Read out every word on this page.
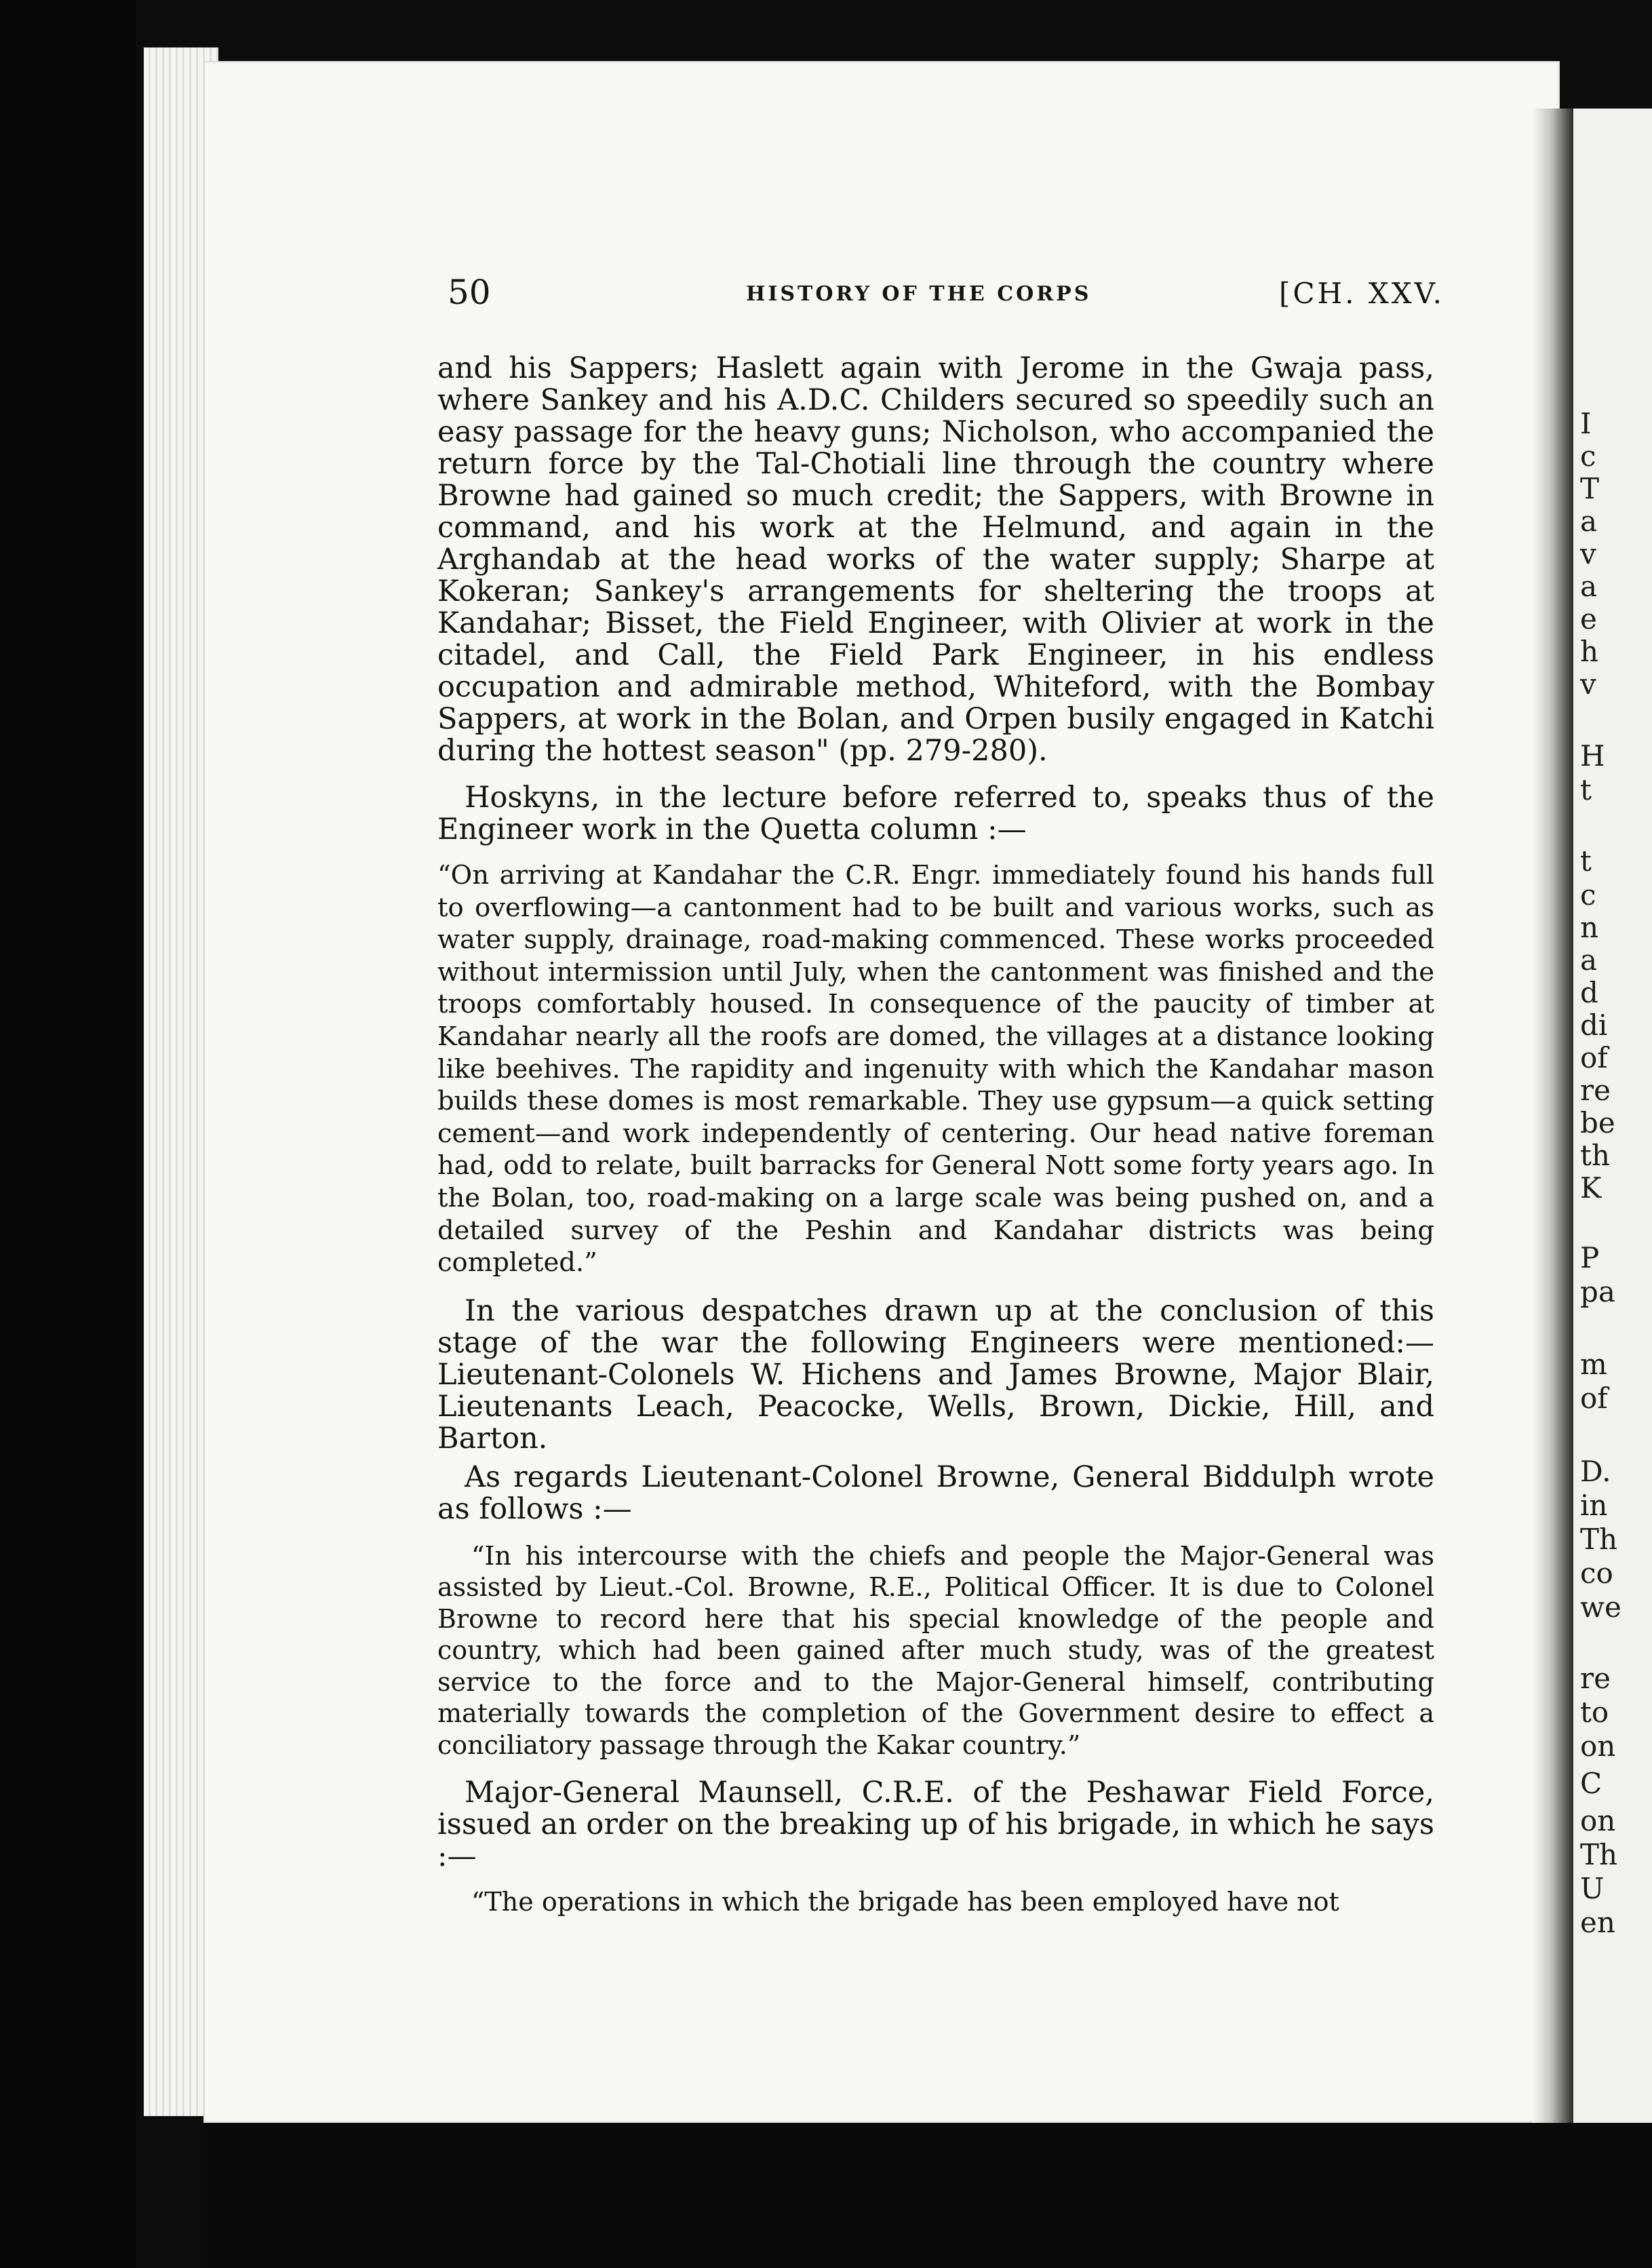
I
c
T
a
v
a
e
h
v
H
t
t
c
n
a
d
di
of
re
be
th
K
P
pa
m
of
D.
in
Th
co
we
re
to
on
C
on
Th
U
en
50	HISTORY OF THE CORPS	[CH. XXV.

and his Sappers; Haslett again with Jerome in the Gwaja pass, where Sankey and his A.D.C. Childers secured so speedily such an easy passage for the heavy guns; Nicholson, who accompanied the return force by the Tal-Chotiali line through the country where Browne had gained so much credit; the Sappers, with Browne in command, and his work at the Helmund, and again in the Arghandab at the head works of the water supply; Sharpe at Kokeran; Sankey's arrangements for sheltering the troops at Kandahar; Bisset, the Field Engineer, with Olivier at work in the citadel, and Call, the Field Park Engineer, in his endless occupation and admirable method, Whiteford, with the Bombay Sappers, at work in the Bolan, and Orpen busily engaged in Katchi during the hottest season" (pp. 279-280).

Hoskyns, in the lecture before referred to, speaks thus of the Engineer work in the Quetta column :—

“On arriving at Kandahar the C.R. Engr. immediately found his hands full to overflowing—a cantonment had to be built and various works, such as water supply, drainage, road-making commenced. These works proceeded without intermission until July, when the cantonment was finished and the troops comfortably housed. In consequence of the paucity of timber at Kandahar nearly all the roofs are domed, the villages at a distance looking like beehives. The rapidity and ingenuity with which the Kandahar mason builds these domes is most remarkable. They use gypsum—a quick setting cement—and work independently of centering. Our head native foreman had, odd to relate, built barracks for General Nott some forty years ago. In the Bolan, too, road-making on a large scale was being pushed on, and a detailed survey of the Peshin and Kandahar districts was being completed.”

In the various despatches drawn up at the conclusion of this stage of the war the following Engineers were mentioned:— Lieutenant-Colonels W. Hichens and James Browne, Major Blair, Lieutenants Leach, Peacocke, Wells, Brown, Dickie, Hill, and Barton.

As regards Lieutenant-Colonel Browne, General Biddulph wrote as follows :—

“In his intercourse with the chiefs and people the Major-General was assisted by Lieut.-Col. Browne, R.E., Political Officer. It is due to Colonel Browne to record here that his special knowledge of the people and country, which had been gained after much study, was of the greatest service to the force and to the Major-General himself, contributing materially towards the completion of the Government desire to effect a conciliatory passage through the Kakar country.”

Major-General Maunsell, C.R.E. of the Peshawar Field Force, issued an order on the breaking up of his brigade, in which he says :—

“The operations in which the brigade has been employed have not
